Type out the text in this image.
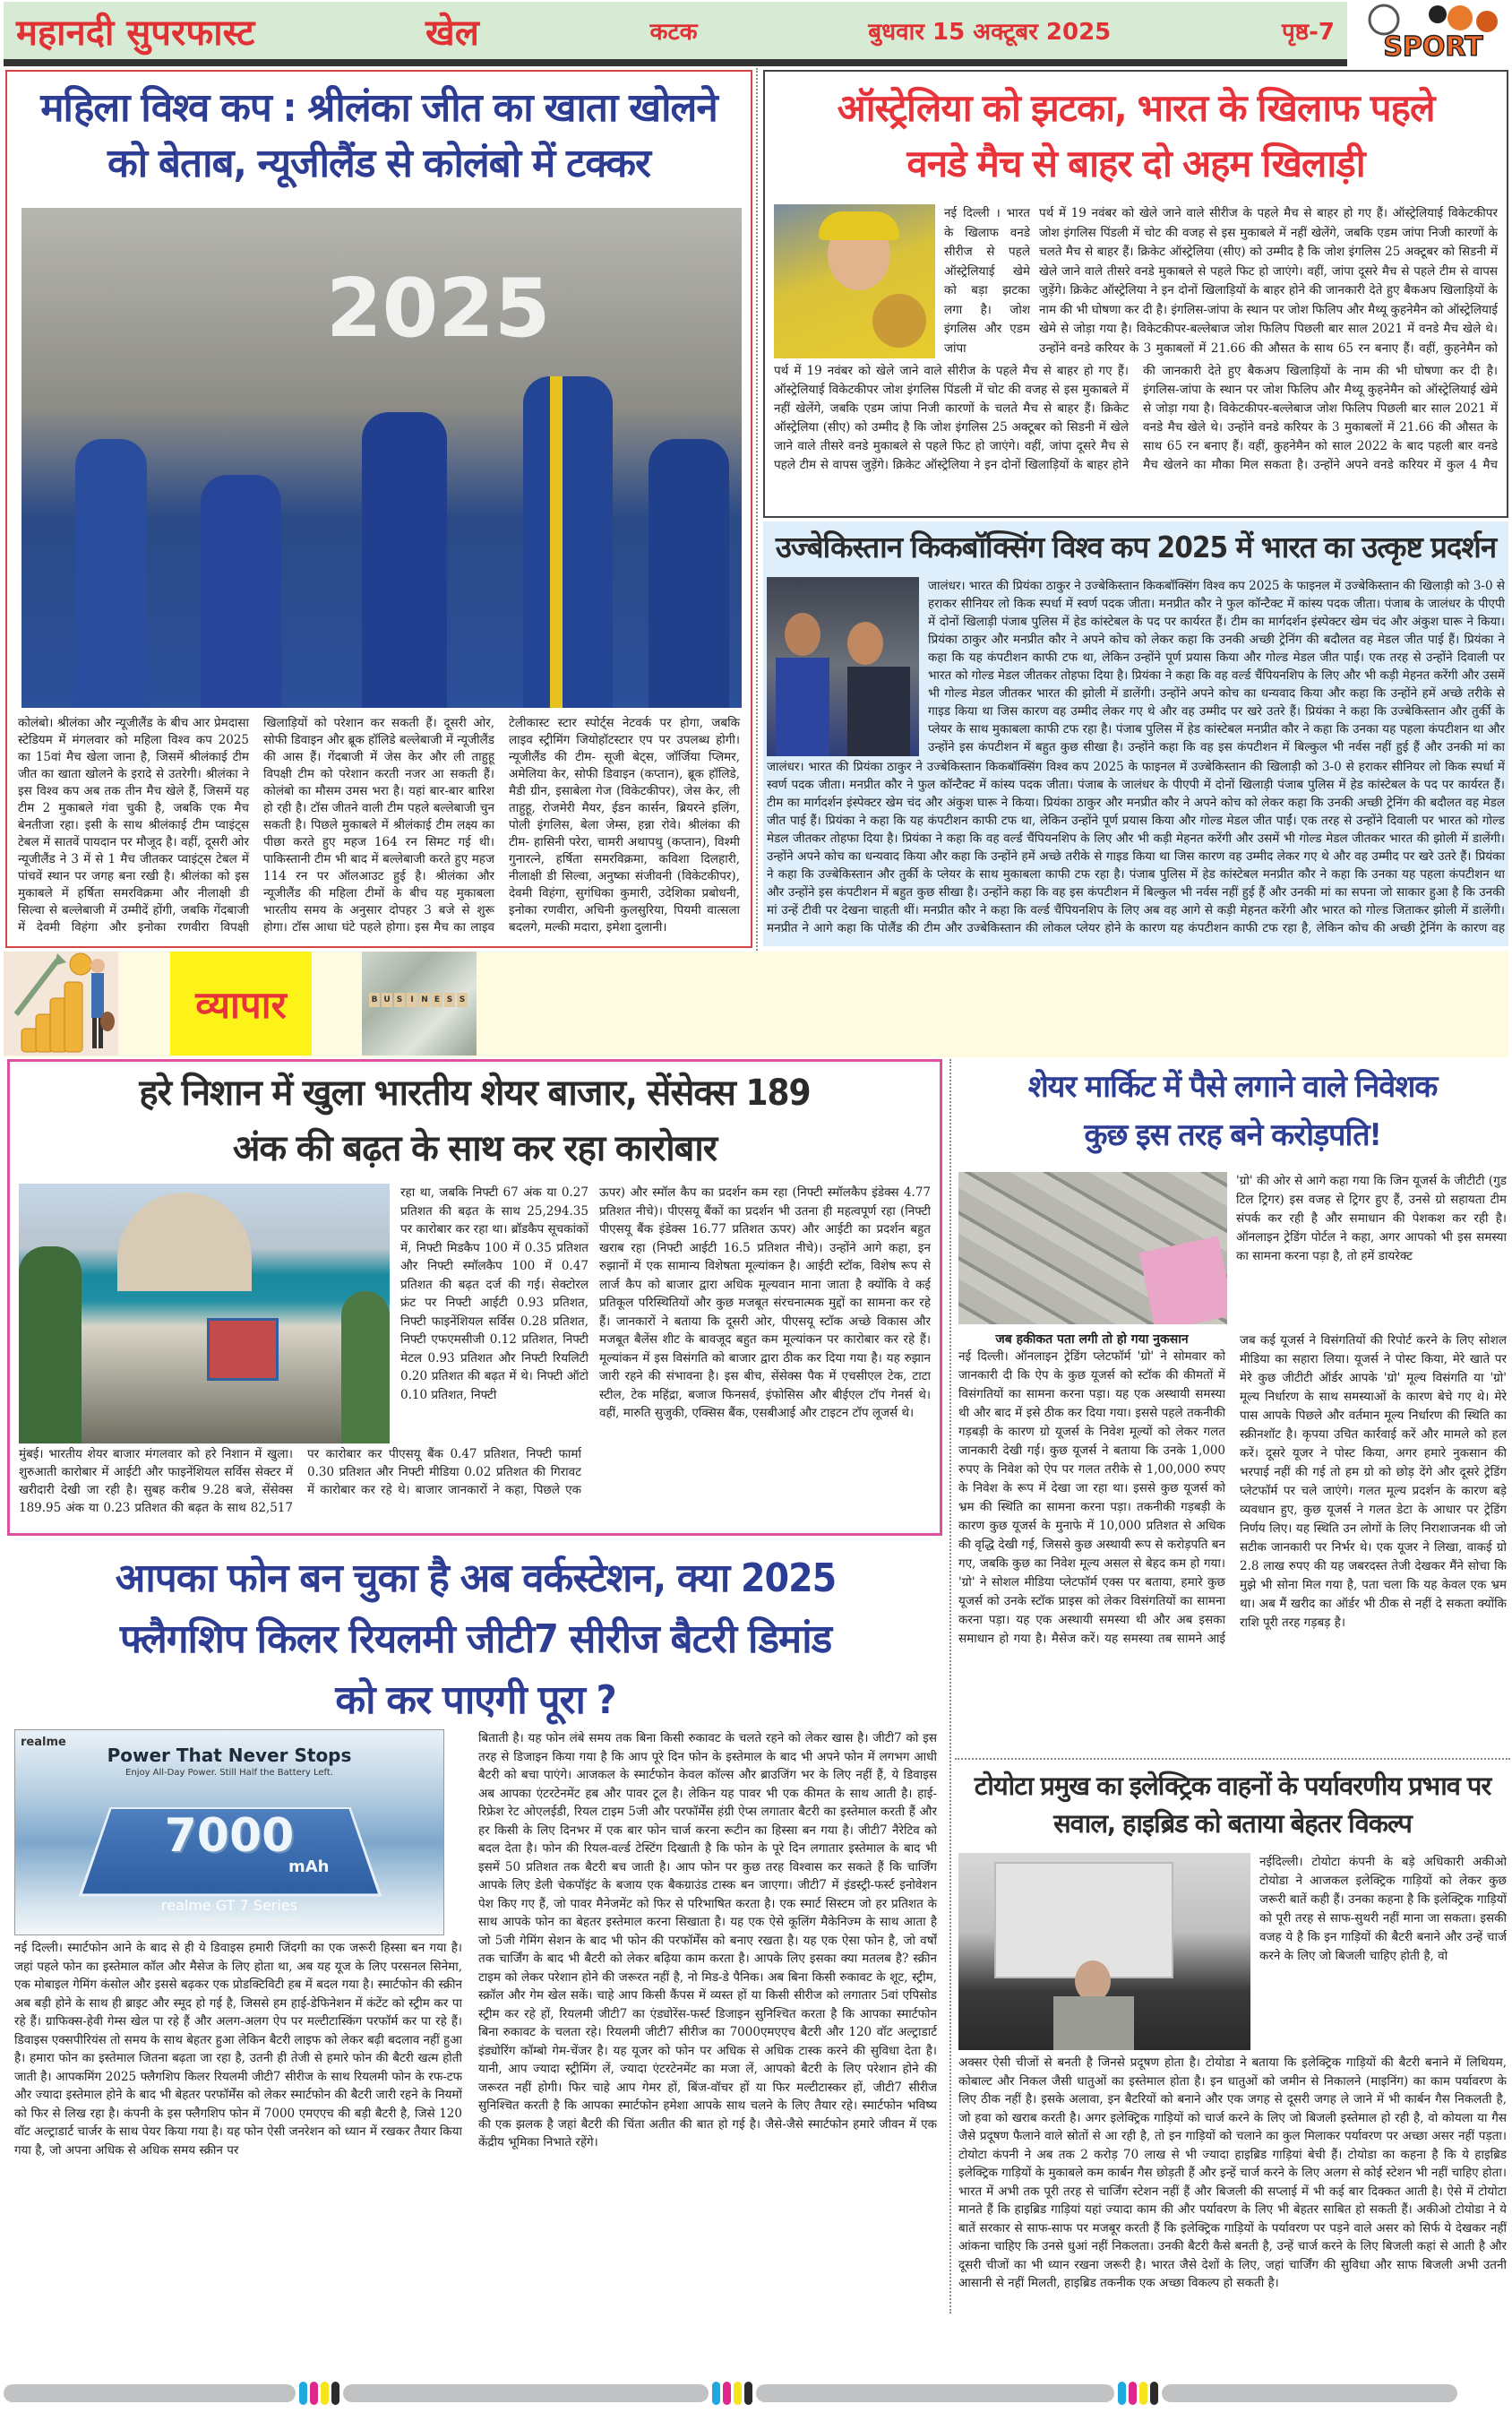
महानदी सुपरफास्ट	खेल	कटक	बुधवार 15 अक्टूबर 2025	पृष्ठ-7 SPORT
महिला विश्व कप : श्रीलंका जीत का खाता खोलने
को बेताब, न्यूजीलैंड से कोलंबो में टक्कर
2025
कोलंबो। श्रीलंका और न्यूजीलैंड के बीच आर प्रेमदासा स्टेडियम में मंगलवार को महिला विश्व कप 2025 का 15वां मैच खेला जाना है, जिसमें श्रीलंकाई टीम जीत का खाता खोलने के इरादे से उतरेगी। श्रीलंका ने इस विश्व कप अब तक तीन मैच खेले हैं, जिसमें यह टीम 2 मुकाबले गंवा चुकी है, जबकि एक मैच बेनतीजा रहा। इसी के साथ श्रीलंकाई टीम प्वाइंट्स टेबल में सातवें पायदान पर मौजूद है। वहीं, दूसरी ओर न्यूजीलैंड ने 3 में से 1 मैच जीतकर प्वाइंट्स टेबल में पांचवें स्थान पर जगह बना रखी है। श्रीलंका को इस मुकाबले में हर्षिता समरविक्रमा और नीलाक्षी डी सिल्वा से बल्लेबाजी में उम्मीदें होंगी, जबकि गेंदबाजी में देवमी विहंगा और इनोका रणवीरा विपक्षी खिलाड़ियों को परेशान कर सकती हैं। दूसरी ओर, सोफी डिवाइन और ब्रूक हॉलिडे बल्लेबाजी में न्यूजीलैंड की आस हैं। गेंदबाजी में जेस केर और ली ताहुहू विपक्षी टीम को परेशान करती नजर आ सकती हैं। कोलंबो का मौसम उमस भरा है। यहां बार-बार बारिश हो रही है। टॉस जीतने वाली टीम पहले बल्लेबाजी चुन सकती है। पिछले मुकाबले में श्रीलंकाई टीम लक्ष्य का पीछा करते हुए महज 164 रन सिमट गई थी। पाकिस्तानी टीम भी बाद में बल्लेबाजी करते हुए महज 114 रन पर ऑलआउट हुई है। श्रीलंका और न्यूजीलैंड की महिला टीमों के बीच यह मुकाबला भारतीय समय के अनुसार दोपहर 3 बजे से शुरू होगा। टॉस आधा घंटे पहले होगा। इस मैच का लाइव टेलीकास्ट स्टार स्पोर्ट्स नेटवर्क पर होगा, जबकि लाइव स्ट्रीमिंग जियोहॉटस्टार एप पर उपलब्ध होगी। न्यूजीलैंड की टीम- सूजी बेट्स, जॉर्जिया प्लिमर, अमेलिया केर, सोफी डिवाइन (कप्तान), ब्रूक हॉलिडे, मैडी ग्रीन, इसाबेला गेज (विकेटकीपर), जेस केर, ली ताहुहू, रोजमेरी मैयर, ईडन कार्सन, ब्रियरने इलिंग, पोली इंगलिस, बेला जेम्स, हन्ना रोवे। श्रीलंका की टीम- हासिनी परेरा, चामरी अथापथु (कप्तान), विश्मी गुनारत्ने, हर्षिता समरविक्रमा, कविशा दिलहारी, नीलाक्षी डी सिल्वा, अनुष्का संजीवनी (विकेटकीपर), देवमी विहंगा, सुगंधिका कुमारी, उदेशिका प्रबोधनी, इनोका रणवीरा, अचिनी कुलसुरिया, पियमी वात्सला बदलगे, मल्की मदारा, इमेशा दुलानी।
ऑस्ट्रेलिया को झटका, भारत के खिलाफ पहले
वनडे मैच से बाहर दो अहम खिलाड़ी
नई दिल्ली । भारत के खिलाफ वनडे सीरीज से पहले ऑस्ट्रेलियाई खेमे को बड़ा झटका लगा है। जोश इंगलिस और एडम जांपा
पर्थ में 19 नवंबर को खेले जाने वाले सीरीज के पहले मैच से बाहर हो गए हैं। ऑस्ट्रेलियाई विकेटकीपर जोश इंगलिस पिंडली में चोट की वजह से इस मुकाबले में नहीं खेलेंगे, जबकि एडम जांपा निजी कारणों के चलते मैच से बाहर हैं। क्रिकेट ऑस्ट्रेलिया (सीए) को उम्मीद है कि जोश इंगलिस 25 अक्टूबर को सिडनी में खेले जाने वाले तीसरे वनडे मुकाबले से पहले फिट हो जाएंगे। वहीं, जांपा दूसरे मैच से पहले टीम से वापस जुड़ेंगे। क्रिकेट ऑस्ट्रेलिया ने इन दोनों खिलाड़ियों के बाहर होने की जानकारी देते हुए बैकअप खिलाड़ियों के नाम की भी घोषणा कर दी है। इंगलिस-जांपा के स्थान पर जोश फिलिप और मैथ्यू कुहनेमैन को ऑस्ट्रेलियाई खेमे से जोड़ा गया है। विकेटकीपर-बल्लेबाज जोश फिलिप पिछली बार साल 2021 में वनडे मैच खेले थे। उन्होंने वनडे करियर के 3 मुकाबलों में 21.66 की औसत के साथ 65 रन बनाए हैं। वहीं, कुहनेमैन को
पर्थ में 19 नवंबर को खेले जाने वाले सीरीज के पहले मैच से बाहर हो गए हैं। ऑस्ट्रेलियाई विकेटकीपर जोश इंगलिस पिंडली में चोट की वजह से इस मुकाबले में नहीं खेलेंगे, जबकि एडम जांपा निजी कारणों के चलते मैच से बाहर हैं। क्रिकेट ऑस्ट्रेलिया (सीए) को उम्मीद है कि जोश इंगलिस 25 अक्टूबर को सिडनी में खेले जाने वाले तीसरे वनडे मुकाबले से पहले फिट हो जाएंगे। वहीं, जांपा दूसरे मैच से पहले टीम से वापस जुड़ेंगे। क्रिकेट ऑस्ट्रेलिया ने इन दोनों खिलाड़ियों के बाहर होने की जानकारी देते हुए बैकअप खिलाड़ियों के नाम की भी घोषणा कर दी है। इंगलिस-जांपा के स्थान पर जोश फिलिप और मैथ्यू कुहनेमैन को ऑस्ट्रेलियाई खेमे से जोड़ा गया है। विकेटकीपर-बल्लेबाज जोश फिलिप पिछली बार साल 2021 में वनडे मैच खेले थे। उन्होंने वनडे करियर के 3 मुकाबलों में 21.66 की औसत के साथ 65 रन बनाए हैं। वहीं, कुहनेमैन को साल 2022 के बाद पहली बार वनडे मैच खेलने का मौका मिल सकता है। उन्होंने अपने वनडे करियर में कुल 4 मैच
उज्बेकिस्तान किकबॉक्सिंग विश्व कप 2025 में भारत का उत्कृष्ट प्रदर्शन
जालंधर। भारत की प्रियंका ठाकुर ने उज्बेकिस्तान किकबॉक्सिंग विश्व कप 2025 के फाइनल में उज्बेकिस्तान की खिलाड़ी को 3-0 से हराकर सीनियर लो किक स्पर्धा में स्वर्ण पदक जीता। मनप्रीत कौर ने फुल कॉन्टैक्ट में कांस्य पदक जीता। पंजाब के जालंधर के पीएपी में दोनों खिलाड़ी पंजाब पुलिस में हेड कांस्टेबल के पद पर कार्यरत हैं। टीम का मार्गदर्शन इंस्पेक्टर खेम चंद और अंकुश घारू ने किया। प्रियंका ठाकुर और मनप्रीत कौर ने अपने कोच को लेकर कहा कि उनकी अच्छी ट्रेनिंग की बदौलत वह मेडल जीत पाई हैं। प्रियंका ने कहा कि यह कंपटीशन काफी टफ था, लेकिन उन्होंने पूर्ण प्रयास किया और गोल्ड मेडल जीत पाईं। एक तरह से उन्होंने दिवाली पर भारत को गोल्ड मेडल जीतकर तोहफा दिया है। प्रियंका ने कहा कि वह वर्ल्ड चैंपियनशिप के लिए और भी कड़ी मेहनत करेंगी और उसमें भी गोल्ड मेडल जीतकर भारत की झोली में डालेंगी। उन्होंने अपने कोच का धन्यवाद किया और कहा कि उन्होंने हमें अच्छे तरीके से गाइड किया था जिस कारण वह उम्मीद लेकर गए थे और वह उम्मीद पर खरे उतरे हैं। प्रियंका ने कहा कि उज्बेकिस्तान और तुर्की के प्लेयर के साथ मुकाबला काफी टफ रहा है। पंजाब पुलिस में हेड कांस्टेबल मनप्रीत कौर ने कहा कि उनका यह पहला कंपटीशन था और उन्होंने इस कंपटीशन में बहुत कुछ सीखा है। उन्होंने कहा कि वह इस कंपटीशन में बिल्कुल भी नर्वस नहीं हुई हैं और उनकी मां का
जालंधर। भारत की प्रियंका ठाकुर ने उज्बेकिस्तान किकबॉक्सिंग विश्व कप 2025 के फाइनल में उज्बेकिस्तान की खिलाड़ी को 3-0 से हराकर सीनियर लो किक स्पर्धा में स्वर्ण पदक जीता। मनप्रीत कौर ने फुल कॉन्टैक्ट में कांस्य पदक जीता। पंजाब के जालंधर के पीएपी में दोनों खिलाड़ी पंजाब पुलिस में हेड कांस्टेबल के पद पर कार्यरत हैं। टीम का मार्गदर्शन इंस्पेक्टर खेम चंद और अंकुश घारू ने किया। प्रियंका ठाकुर और मनप्रीत कौर ने अपने कोच को लेकर कहा कि उनकी अच्छी ट्रेनिंग की बदौलत वह मेडल जीत पाई हैं। प्रियंका ने कहा कि यह कंपटीशन काफी टफ था, लेकिन उन्होंने पूर्ण प्रयास किया और गोल्ड मेडल जीत पाईं। एक तरह से उन्होंने दिवाली पर भारत को गोल्ड मेडल जीतकर तोहफा दिया है। प्रियंका ने कहा कि वह वर्ल्ड चैंपियनशिप के लिए और भी कड़ी मेहनत करेंगी और उसमें भी गोल्ड मेडल जीतकर भारत की झोली में डालेंगी। उन्होंने अपने कोच का धन्यवाद किया और कहा कि उन्होंने हमें अच्छे तरीके से गाइड किया था जिस कारण वह उम्मीद लेकर गए थे और वह उम्मीद पर खरे उतरे हैं। प्रियंका ने कहा कि उज्बेकिस्तान और तुर्की के प्लेयर के साथ मुकाबला काफी टफ रहा है। पंजाब पुलिस में हेड कांस्टेबल मनप्रीत कौर ने कहा कि उनका यह पहला कंपटीशन था और उन्होंने इस कंपटीशन में बहुत कुछ सीखा है। उन्होंने कहा कि वह इस कंपटीशन में बिल्कुल भी नर्वस नहीं हुई हैं और उनकी मां का सपना जो साकार हुआ है कि उनकी मां उन्हें टीवी पर देखना चाहती थीं। मनप्रीत कौर ने कहा कि वर्ल्ड चैंपियनशिप के लिए अब वह आगे से कड़ी मेहनत करेंगी और भारत को गोल्ड जिताकर झोली में डालेंगी। मनप्रीत ने आगे कहा कि पोलैंड की टीम और उज्बेकिस्तान की लोकल प्लेयर होने के कारण यह कंपटीशन काफी टफ रहा है, लेकिन कोच की अच्छी ट्रेनिंग के कारण वह
व्यापार	B U S	I N E S S
हरे निशान में खुला भारतीय शेयर बाजार, सेंसेक्स 189
अंक की बढ़त के साथ कर रहा कारोबार
रहा था, जबकि निफ्टी 67 अंक या 0.27 प्रतिशत की बढ़त के साथ 25,294.35 पर कारोबार कर रहा था। ब्रॉडकैप सूचकांकों में, निफ्टी मिडकैप 100 में 0.35 प्रतिशत और निफ्टी स्मॉलकैप 100 में 0.47 प्रतिशत की बढ़त दर्ज की गई। सेक्टोरल फ्रंट पर निफ्टी आईटी 0.93 प्रतिशत, निफ्टी फाइनेंशियल सर्विस 0.28 प्रतिशत, निफ्टी एफएमसीजी 0.12 प्रतिशत, निफ्टी मेटल 0.93 प्रतिशत और निफ्टी रियलिटी 0.20 प्रतिशत की बढ़त में थे। निफ्टी ऑटो 0.10 प्रतिशत, निफ्टी
ऊपर) और स्मॉल कैप का प्रदर्शन कम रहा (निफ्टी स्मॉलकैप इंडेक्स 4.77 प्रतिशत नीचे)। पीएसयू बैंकों का प्रदर्शन भी उतना ही महत्वपूर्ण रहा (निफ्टी पीएसयू बैंक इंडेक्स 16.77 प्रतिशत ऊपर) और आईटी का प्रदर्शन बहुत खराब रहा (निफ्टी आईटी 16.5 प्रतिशत नीचे)। उन्होंने आगे कहा, इन रुझानों में एक सामान्य विशेषता मूल्यांकन है। आईटी स्टॉक, विशेष रूप से लार्ज कैप को बाजार द्वारा अधिक मूल्यवान माना जाता है क्योंकि वे कई प्रतिकूल परिस्थितियों और कुछ मजबूत संरचनात्मक मुद्दों का सामना कर रहे हैं। जानकारों ने बताया कि दूसरी ओर, पीएसयू स्टॉक अच्छे विकास और मजबूत बैलेंस शीट के बावजूद बहुत कम मूल्यांकन पर कारोबार कर रहे हैं। मूल्यांकन में इस विसंगति को बाजार द्वारा ठीक कर दिया गया है। यह रुझान जारी रहने की संभावना है। इस बीच, सेंसेक्स पैक में एचसीएल टेक, टाटा स्टील, टेक महिंद्रा, बजाज फिनसर्व, इंफोसिस और बीईएल टॉप गेनर्स थे। वहीं, मारुति सुजुकी, एक्सिस बैंक, एसबीआई और टाइटन टॉप लूजर्स थे।
मुंबई। भारतीय शेयर बाजार मंगलवार को हरे निशान में खुला। शुरुआती कारोबार में आईटी और फाइनेंशियल सर्विस सेक्टर में खरीदारी देखी जा रही है। सुबह करीब 9.28 बजे, सेंसेक्स 189.95 अंक या 0.23 प्रतिशत की बढ़त के साथ 82,517 पर कारोबार कर पीएसयू बैंक 0.47 प्रतिशत, निफ्टी फार्मा 0.30 प्रतिशत और निफ्टी मीडिया 0.02 प्रतिशत की गिरावट में कारोबार कर रहे थे। बाजार जानकारों ने कहा, पिछले एक
शेयर मार्किट में पैसे लगाने वाले निवेशक
कुछ इस तरह बने करोड़पति!
'ग्रो' की ओर से आगे कहा गया कि जिन यूजर्स के जीटीटी (गुड टिल ट्रिगर) इस वजह से ट्रिगर हुए हैं, उनसे ग्रो सहायता टीम संपर्क कर रही है और समाधान की पेशकश कर रही है। ऑनलाइन ट्रेडिंग पोर्टल ने कहा, अगर आपको भी इस समस्या का सामना करना पड़ा है, तो हमें डायरेक्ट
जब हकीकत पता लगी तो हो गया नुकसान
नई दिल्ली। ऑनलाइन ट्रेडिंग प्लेटफॉर्म 'ग्रो' ने सोमवार को जानकारी दी कि ऐप के कुछ यूजर्स को स्टॉक की कीमतों में विसंगतियों का सामना करना पड़ा। यह एक अस्थायी समस्या थी और बाद में इसे ठीक कर दिया गया। इससे पहले तकनीकी गड़बड़ी के कारण ग्रो यूजर्स के निवेश मूल्यों को लेकर गलत जानकारी देखी गई। कुछ यूजर्स ने बताया कि उनके 1,000 रुपए के निवेश को ऐप पर गलत तरीके से 1,00,000 रुपए के निवेश के रूप में देखा जा रहा था। इससे कुछ यूजर्स को भ्रम की स्थिति का सामना करना पड़ा। तकनीकी गड़बड़ी के कारण कुछ यूजर्स के मुनाफे में 10,000 प्रतिशत से अधिक की वृद्धि देखी गई, जिससे कुछ अस्थायी रूप से करोड़पति बन गए, जबकि कुछ का निवेश मूल्य असल से बेहद कम हो गया। 'ग्रो' ने सोशल मीडिया प्लेटफॉर्म एक्स पर बताया, हमारे कुछ यूजर्स को उनके स्टॉक प्राइस को लेकर विसंगतियों का सामना करना पड़ा। यह एक अस्थायी समस्या थी और अब इसका समाधान हो गया है। मैसेज करें। यह समस्या तब सामने आई जब कई यूजर्स ने विसंगतियों की रिपोर्ट करने के लिए सोशल मीडिया का सहारा लिया। यूजर्स ने पोस्ट किया, मेरे खाते पर मेरे कुछ जीटीटी ऑर्डर आपके 'ग्रो' मूल्य विसंगति या 'ग्रो' मूल्य निर्धारण के साथ समस्याओं के कारण बेचे गए थे। मेरे पास आपके पिछले और वर्तमान मूल्य निर्धारण की स्थिति का स्क्रीनशॉट है। कृपया उचित कार्रवाई करें और मामले को हल करें। दूसरे यूजर ने पोस्ट किया, अगर हमारे नुकसान की भरपाई नहीं की गई तो हम ग्रो को छोड़ देंगे और दूसरे ट्रेडिंग प्लेटफॉर्म पर चले जाएंगे। गलत मूल्य प्रदर्शन के कारण बड़े व्यवधान हुए, कुछ यूजर्स ने गलत डेटा के आधार पर ट्रेडिंग निर्णय लिए। यह स्थिति उन लोगों के लिए निराशाजनक थी जो सटीक जानकारी पर निर्भर थे। एक यूजर ने लिखा, वाकई ग्रो 2.8 लाख रुपए की यह जबरदस्त तेजी देखकर मैंने सोचा कि मुझे भी सोना मिल गया है, पता चला कि यह केवल एक भ्रम था। अब मैं खरीद का ऑर्डर भी ठीक से नहीं दे सकता क्योंकि राशि पूरी तरह गड़बड़ है।
आपका फोन बन चुका है अब वर्कस्टेशन, क्या 2025
फ्लैगशिप किलर रियलमी जीटी7 सीरीज बैटरी डिमांड
को कर पाएगी पूरा ?
realme
Power That Never Stops
Enjoy All-Day Power. Still Half the Battery Left.
7000
mAh
realme GT 7 Series
May 27, 1:30PM | Global Launch Event
नई दिल्ली। स्मार्टफोन आने के बाद से ही ये डिवाइस हमारी जिंदगी का एक जरूरी हिस्सा बन गया है। जहां पहले फोन का इस्तेमाल कॉल और मैसेज के लिए होता था, अब यह यूज के लिए परसनल सिनेमा, एक मोबाइल गेमिंग कंसोल और इससे बढ़कर एक प्रोडक्टिविटी हब में बदल गया है। स्मार्टफोन की स्क्रीन अब बड़ी होने के साथ ही ब्राइट और स्मूद हो गई है, जिससे हम हाई-डेफिनेशन में कंटेंट को स्ट्रीम कर पा रहे हैं। ग्राफिक्स-हेवी गेम्स खेल पा रहे हैं और अलग-अलग ऐप पर मल्टीटास्किंग परफॉर्म कर पा रहे हैं। डिवाइस एक्सपीरियंस तो समय के साथ बेहतर हुआ लेकिन बैटरी लाइफ को लेकर बढ़ी बदलाव नहीं हुआ है। हमारा फोन का इस्तेमाल जितना बढ़ता जा रहा है, उतनी ही तेजी से हमारे फोन की बैटरी खत्म होती जाती है। आपकमिंग 2025 फ्लैगशिप किलर रियलमी जीटी7 सीरीज के साथ रियलमी फोन के रफ-टफ और ज्यादा इस्तेमाल होने के बाद भी बेहतर परफॉर्मेंस को लेकर स्मार्टफोन की बैटरी जारी रहने के नियमों को फिर से लिख रहा है। कंपनी के इस फ्लैगशिप फोन में 7000 एमएएच की बड़ी बैटरी है, जिसे 120 वॉट अल्ट्राडार्ट चार्जर के साथ पेयर किया गया है। यह फोन ऐसी जनरेशन को ध्यान में रखकर तैयार किया गया है, जो अपना अधिक से अधिक समय स्क्रीन पर
बिताती है। यह फोन लंबे समय तक बिना किसी रुकावट के चलते रहने को लेकर खास है। जीटी7 को इस तरह से डिजाइन किया गया है कि आप पूरे दिन फोन के इस्तेमाल के बाद भी अपने फोन में लगभग आधी बैटरी को बचा पाएंगे। आजकल के स्मार्टफोन केवल कॉल्स और ब्राउजिंग भर के लिए नहीं हैं, ये डिवाइस अब आपका एंटरटेनमेंट हब और पावर टूल है। लेकिन यह पावर भी एक कीमत के साथ आती है। हाई-रिफ्रेश रेट ओएलईडी, रियल टाइम 5जी और परफॉर्मेंस हंग्री ऐप्स लगातार बैटरी का इस्तेमाल करती हैं और हर किसी के लिए दिनभर में एक बार फोन चार्ज करना रूटीन का हिस्सा बन गया है। जीटी7 नैरेटिव को बदल देता है। फोन की रियल-वर्ल्ड टेस्टिंग दिखाती है कि फोन के पूरे दिन लगातार इस्तेमाल के बाद भी इसमें 50 प्रतिशत तक बैटरी बच जाती है। आप फोन पर कुछ तरह विश्वास कर सकते हैं कि चार्जिंग आपके लिए डेली चेकपॉइंट के बजाय एक बैकग्राउंड टास्क बन जाएगा। जीटी7 में इंडस्ट्री-फर्स्ट इनोवेशन पेश किए गए हैं, जो पावर मैनेजमेंट को फिर से परिभाषित करता है। एक स्मार्ट सिस्टम जो हर प्रतिशत के साथ आपके फोन का बेहतर इस्तेमाल करना सिखाता है। यह एक ऐसे कूलिंग मैकेनिज्म के साथ आता है जो 5जी गेमिंग सेशन के बाद भी फोन की परफॉर्मेंस को बनाए रखता है। यह एक ऐसा फोन है, जो वर्षों तक चार्जिंग के बाद भी बैटरी को लेकर बढ़िया काम करता है। आपके लिए इसका क्या मतलब है? स्क्रीन टाइम को लेकर परेशान होने की जरूरत नहीं है, नो मिड-डे पैनिक। अब बिना किसी रुकावट के शूट, स्ट्रीम, स्क्रॉल और गेम खेल सकें। चाहे आप किसी कैंपस में व्यस्त हों या किसी सीरीज को लगातार 5वां एपिसोड स्ट्रीम कर रहे हों, रियलमी जीटी7 का एंड्योरेंस-फर्स्ट डिजाइन सुनिश्चित करता है कि आपका स्मार्टफोन बिना रुकावट के चलता रहे। रियलमी जीटी7 सीरीज का 7000एमएएच बैटरी और 120 वॉट अल्ट्राडार्ट इंड्योरिंग कॉम्बो गेम-चेंजर है। यह यूजर को फोन पर अधिक से अधिक टास्क करने की सुविधा देता है। यानी, आप ज्यादा स्ट्रीमिंग लें, ज्यादा एंटरटेनमेंट का मजा लें, आपको बैटरी के लिए परेशान होने की जरूरत नहीं होगी। फिर चाहे आप गेमर हों, बिंज-वॉचर हों या फिर मल्टीटास्कर हों, जीटी7 सीरीज सुनिश्चित करती है कि आपका स्मार्टफोन हमेशा आपके साथ चलने के लिए तैयार रहे। स्मार्टफोन भविष्य की एक झलक है जहां बैटरी की चिंता अतीत की बात हो गई है। जैसे-जैसे स्मार्टफोन हमारे जीवन में एक केंद्रीय भूमिका निभाते रहेंगे।
टोयोटा प्रमुख का इलेक्ट्रिक वाहनों के पर्यावरणीय प्रभाव पर
सवाल, हाइब्रिड को बताया बेहतर विकल्प
नईदिल्ली। टोयोटा कंपनी के बड़े अधिकारी अकीओ टोयोडा ने आजकल इलेक्ट्रिक गाड़ियों को लेकर कुछ जरूरी बातें कही हैं। उनका कहना है कि इलेक्ट्रिक गाड़ियों को पूरी तरह से साफ-सुथरी नहीं माना जा सकता। इसकी वजह ये है कि इन गाड़ियों की बैटरी बनाने और उन्हें चार्ज करने के लिए जो बिजली चाहिए होती है, वो
अक्सर ऐसी चीजों से बनती है जिनसे प्रदूषण होता है। टोयोडा ने बताया कि इलेक्ट्रिक गाड़ियों की बैटरी बनाने में लिथियम, कोबाल्ट और निकल जैसी धातुओं का इस्तेमाल होता है। इन धातुओं को जमीन से निकालने (माइनिंग) का काम पर्यावरण के लिए ठीक नहीं है। इसके अलावा, इन बैटरियों को बनाने और एक जगह से दूसरी जगह ले जाने में भी कार्बन गैस निकलती है, जो हवा को खराब करती है। अगर इलेक्ट्रिक गाड़ियों को चार्ज करने के लिए जो बिजली इस्तेमाल हो रही है, वो कोयला या गैस जैसे प्रदूषण फैलाने वाले स्रोतों से आ रही है, तो इन गाड़ियों को चलाने का कुल मिलाकर पर्यावरण पर अच्छा असर नहीं पड़ता। टोयोटा कंपनी ने अब तक 2 करोड़ 70 लाख से भी ज्यादा हाइब्रिड गाड़ियां बेची हैं। टोयोडा का कहना है कि ये हाइब्रिड इलेक्ट्रिक गाड़ियों के मुकाबले कम कार्बन गैस छोड़ती हैं और इन्हें चार्ज करने के लिए अलग से कोई स्टेशन भी नहीं चाहिए होता। भारत में अभी तक पूरी तरह से चार्जिंग स्टेशन नहीं हैं और बिजली की सप्लाई में भी कई बार दिक्कत आती है। ऐसे में टोयोटा मानते हैं कि हाइब्रिड गाड़ियां यहां ज्यादा काम की और पर्यावरण के लिए भी बेहतर साबित हो सकती हैं। अकीओ टोयोडा ने ये बातें सरकार से साफ-साफ पर मजबूर करती हैं कि इलेक्ट्रिक गाड़ियों के पर्यावरण पर पड़ने वाले असर को सिर्फ ये देखकर नहीं आंकना चाहिए कि उनसे धुआं नहीं निकलता। उनकी बैटरी कैसे बनती है, उन्हें चार्ज करने के लिए बिजली कहां से आती है और दूसरी चीजों का भी ध्यान रखना जरूरी है। भारत जैसे देशों के लिए, जहां चार्जिंग की सुविधा और साफ बिजली अभी उतनी आसानी से नहीं मिलती, हाइब्रिड तकनीक एक अच्छा विकल्प हो सकती है।
